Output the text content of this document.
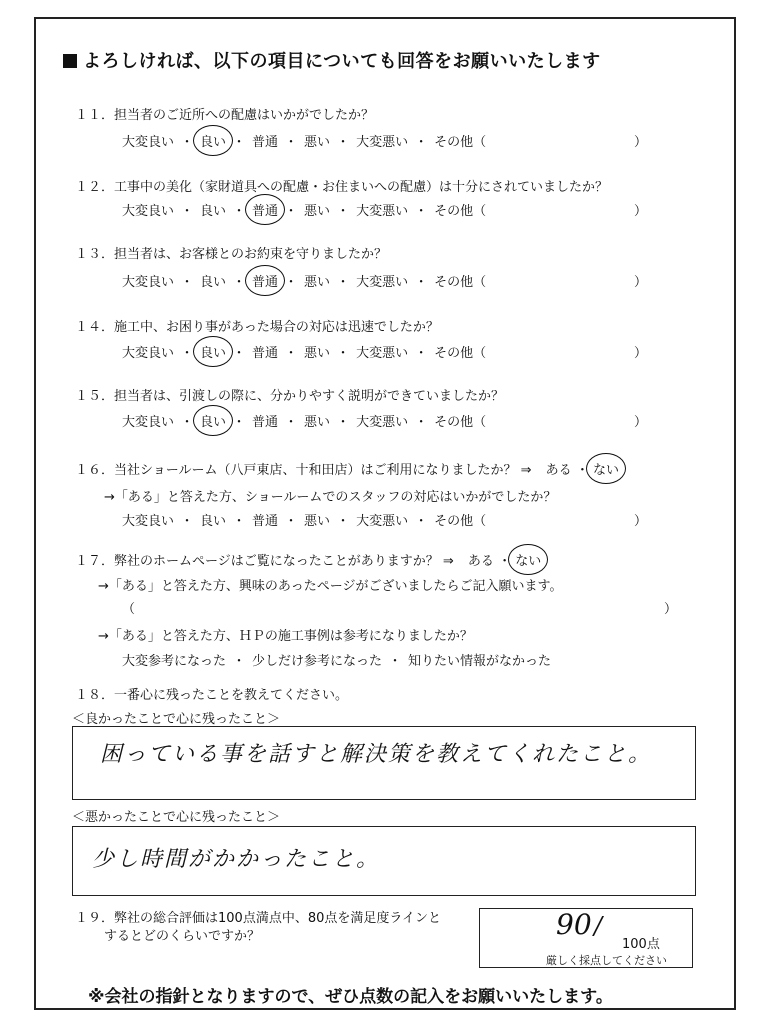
よろしければ、以下の項目についても回答をお願いいたします
１１．担当者のご近所への配慮はいかがでしたか？
大変良い ・ 良い ・ 普通 ・ 悪い ・ 大変悪い ・ その他（	）
１２．工事中の美化（家財道具への配慮・お住まいへの配慮）は十分にされていましたか？
大変良い ・ 良い ・ 普通 ・ 悪い ・ 大変悪い ・ その他（	）
１３．担当者は、お客様とのお約束を守りましたか？
大変良い ・ 良い ・ 普通 ・ 悪い ・ 大変悪い ・ その他（	）
１４．施工中、お困り事があった場合の対応は迅速でしたか？
大変良い ・ 良い ・ 普通 ・ 悪い ・ 大変悪い ・ その他（	）
１５．担当者は、引渡しの際に、分かりやすく説明ができていましたか？
大変良い ・ 良い ・ 普通 ・ 悪い ・ 大変悪い ・ その他（	）
１６．当社ショールーム（八戸東店、十和田店）はご利用になりましたか？ ⇒ ある ・ ない
→「ある」と答えた方、ショールームでのスタッフの対応はいかがでしたか？
大変良い ・ 良い ・ 普通 ・ 悪い ・ 大変悪い ・ その他（	）
１７．弊社のホームページはご覧になったことがありますか？ ⇒ ある ・ ない
→「ある」と答えた方、興味のあったページがございましたらご記入願います。
（	）
→「ある」と答えた方、ＨＰの施工事例は参考になりましたか？
大変参考になった ・ 少しだけ参考になった ・ 知りたい情報がなかった
１８．一番心に残ったことを教えてください。
＜良かったことで心に残ったこと＞
困っている事を話すと解決策を教えてくれたこと。
＜悪かったことで心に残ったこと＞
少し時間がかかったこと。
１９．弊社の総合評価は100点満点中、80点を満足度ラインと
するとどのくらいですか？	90 /
100点
厳しく採点してください
※会社の指針となりますので、ぜひ点数の記入をお願いいたします。
